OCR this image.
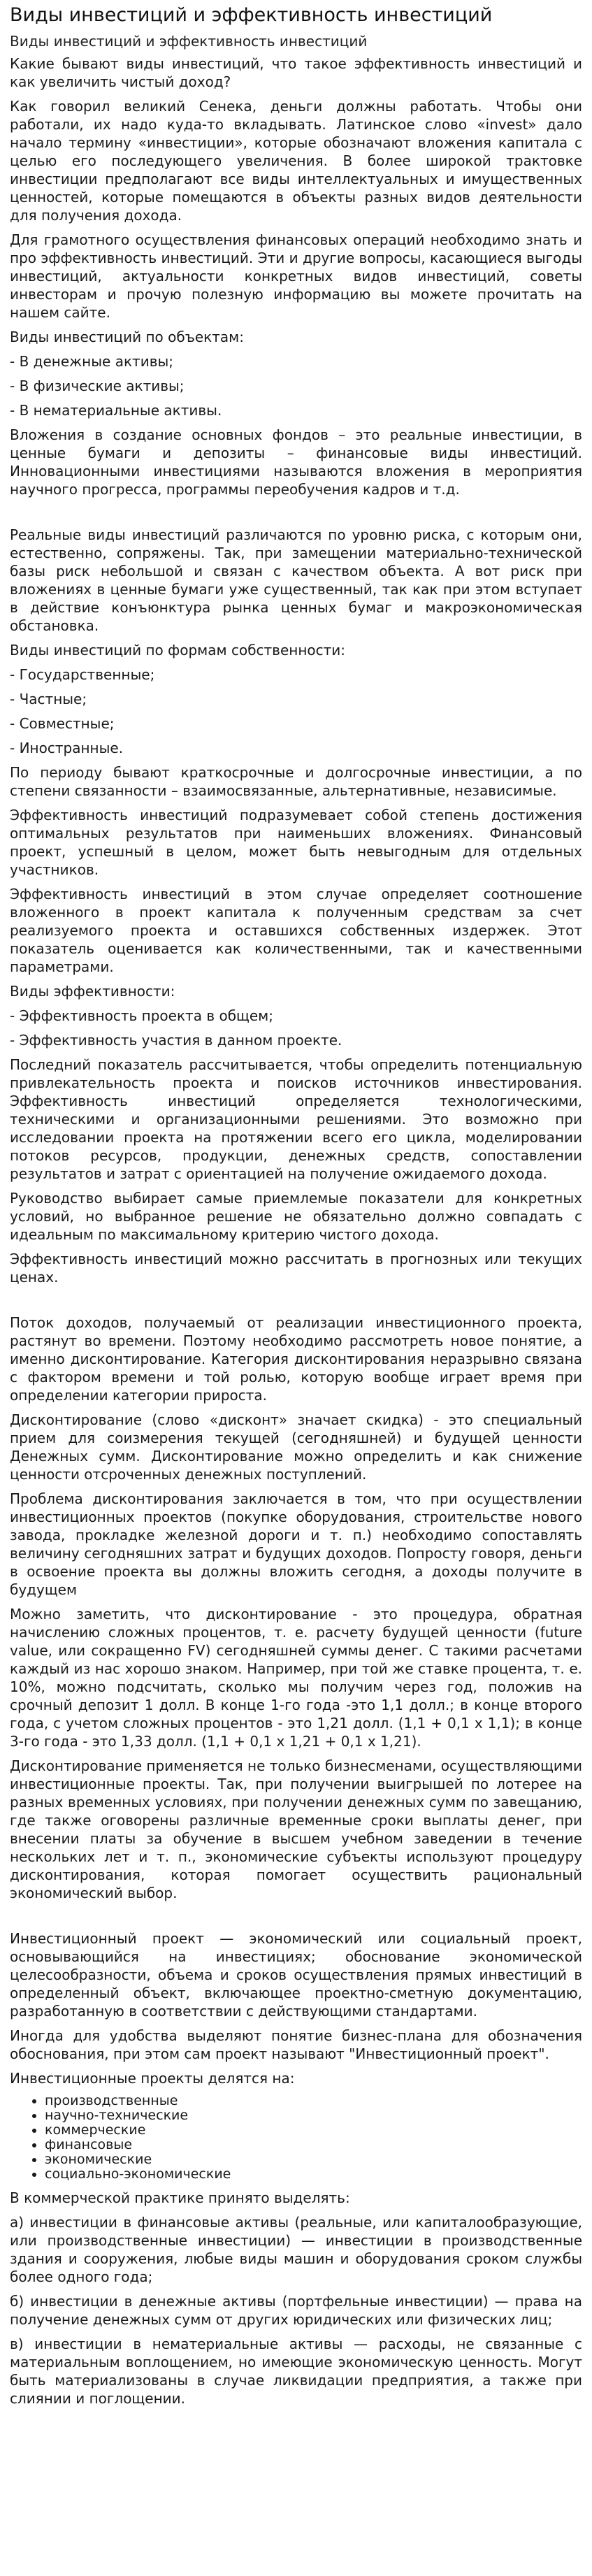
Виды инвестиций и эффективность инвестиций
Виды инвестиций и эффективность инвестиций

Какие бывают виды инвестиций, что такое эффективность инвестиций и как увеличить чистый доход?

Как говорил великий Сенека, деньги должны работать. Чтобы они работали, их надо куда-то вкладывать. Латинское слово «invest» дало начало термину «инвестиции», которые обозначают вложения капитала с целью его последующего увеличения. В более широкой трактовке инвестиции предполагают все виды интеллектуальных и имущественных ценностей, которые помещаются в объекты разных видов деятельности для получения дохода.

Для грамотного осуществления финансовых операций необходимо знать и про эффективность инвестиций. Эти и другие вопросы, касающиеся выгоды инвестиций, актуальности конкретных видов инвестиций, советы инвесторам и прочую полезную информацию вы можете прочитать на нашем сайте.

Виды инвестиций по объектам:

- В денежные активы;

- В физические активы;

- В нематериальные активы.

Вложения в создание основных фондов – это реальные инвестиции, в ценные бумаги и депозиты – финансовые виды инвестиций. Инновационными инвестициями называются вложения в мероприятия научного прогресса, программы переобучения кадров и т.д.

Реальные виды инвестиций различаются по уровню риска, с которым они, естественно, сопряжены. Так, при замещении материально-технической базы риск небольшой и связан с качеством объекта. А вот риск при вложениях в ценные бумаги уже существенный, так как при этом вступает в действие конъюнктура рынка ценных бумаг и макроэкономическая обстановка.

Виды инвестиций по формам собственности:

- Государственные;

- Частные;

- Совместные;

- Иностранные.

По периоду бывают краткосрочные и долгосрочные инвестиции, а по степени связанности – взаимосвязанные, альтернативные, независимые.

Эффективность инвестиций подразумевает собой степень достижения оптимальных результатов при наименьших вложениях. Финансовый проект, успешный в целом, может быть невыгодным для отдельных участников.

Эффективность инвестиций в этом случае определяет соотношение вложенного в проект капитала к полученным средствам за счет реализуемого проекта и оставшихся собственных издержек. Этот показатель оценивается как количественными, так и качественными параметрами.

Виды эффективности:

- Эффективность проекта в общем;

- Эффективность участия в данном проекте.

Последний показатель рассчитывается, чтобы определить потенциальную привлекательность проекта и поисков источников инвестирования. Эффективность инвестиций определяется технологическими, техническими и организационными решениями. Это возможно при исследовании проекта на протяжении всего его цикла, моделировании потоков ресурсов, продукции, денежных средств, сопоставлении результатов и затрат с ориентацией на получение ожидаемого дохода.

Руководство выбирает самые приемлемые показатели для конкретных условий, но выбранное решение не обязательно должно совпадать с идеальным по максимальному критерию чистого дохода.

Эффективность инвестиций можно рассчитать в прогнозных или текущих ценах.

Поток доходов, получаемый от реализации инвестиционного проекта, растянут во времени. Поэтому необходимо рассмотреть новое понятие, а именно дисконтирование. Категория дисконтирования неразрывно связана с фактором времени и той ролью, которую вообще играет время при определении категории прироста.

Дисконтирование (слово «дисконт» значает скидка) - это специальный прием для соизмерения текущей (сегодняшней) и будущей ценности Денежных сумм. Дисконтирование можно определить и как снижение ценности отсроченных денежных поступлений.

Проблема дисконтирования заключается в том, что при осуществлении инвестиционных проектов (покупке оборудования, строительстве нового завода, прокладке железной дороги и т. п.) необходимо сопоставлять величину сегодняшних затрат и будущих доходов. Попросту говоря, деньги в освоение проекта вы должны вложить сегодня, а доходы получите в будущем

Можно заметить, что дисконтирование - это процедура, обратная начислению сложных процентов, т. е. расчету будущей ценности (future value, или сокращенно FV) сегодняшней суммы денег. С такими расчетами каждый из нас хорошо знаком. Например, при той же ставке процента, т. е. 10%, можно подсчитать, сколько мы получим через год, положив на срочный депозит 1 долл. В конце 1-го года -это 1,1 долл.; в конце второго года, с учетом сложных процентов - это 1,21 долл. (1,1 + 0,1 х 1,1); в конце 3-го года - это 1,33 долл. (1,1 + 0,1 х 1,21 + 0,1 х 1,21).

Дисконтирование применяется не только бизнесменами, осуществляющими инвестиционные проекты. Так, при получении выигрышей по лотерее на разных временных условиях, при получении денежных сумм по завещанию, где также оговорены различные временные сроки выплаты денег, при внесении платы за обучение в высшем учебном заведении в течение нескольких лет и т. п., экономические субъекты используют процедуру дисконтирования, которая помогает осуществить рациональный экономический выбор.

Инвестиционный проект — экономический или социальный проект, основывающийся на инвестициях; обоснование экономической целесообразности, объема и сроков осуществления прямых инвестиций в определенный объект, включающее проектно-сметную документацию, разработанную в соответствии с действующими стандартами.

Иногда для удобства выделяют понятие бизнес-плана для обозначения обоснования, при этом сам проект называют "Инвестиционный проект".

Инвестиционные проекты делятся на:

• производственные
• научно-технические
• коммерческие
• финансовые
• экономические
• социально-экономические

В коммерческой практике принято выделять:

а) инвестиции в финансовые активы (реальные, или капиталообразующие, или производственные инвестиции) — инвестиции в производственные здания и сооружения, любые виды машин и оборудования сроком службы более одного года;

б) инвестиции в денежные активы (портфельные инвестиции) — права на получение денежных сумм от других юридических или физических лиц;

в) инвестиции в нематериальные активы — расходы, не связанные с материальным воплощением, но имеющие экономическую ценность. Могут быть материализованы в случае ликвидации предприятия, а также при слиянии и поглощении.
